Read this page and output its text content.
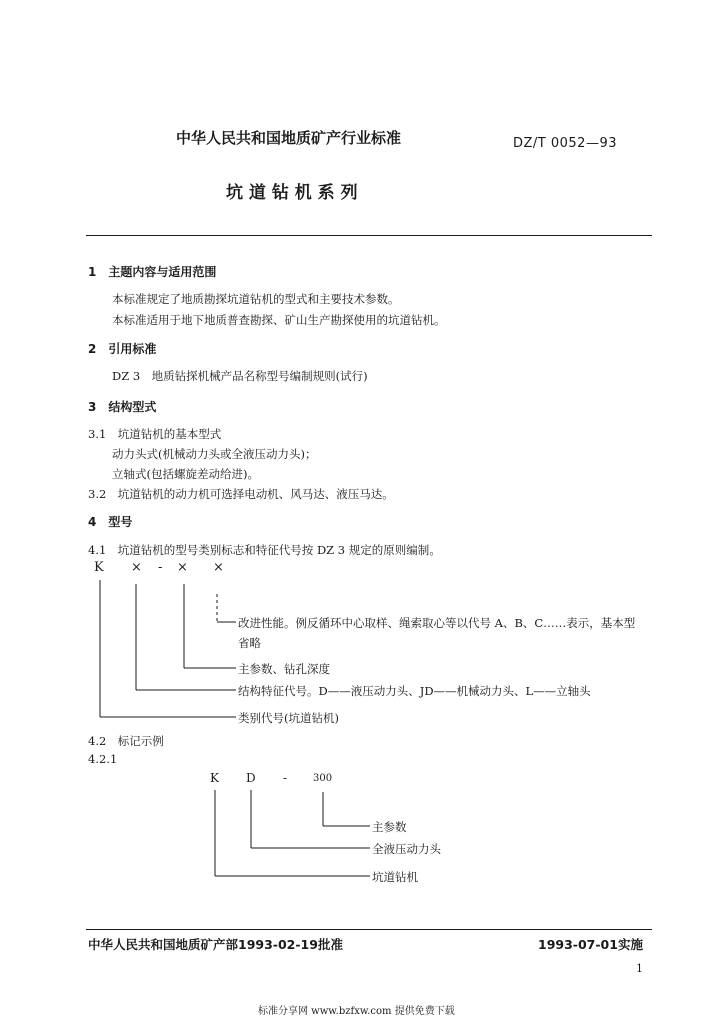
中华人民共和国地质矿产行业标准	DZ/T 0052—93
坑 道 钻 机 系 列
1　主题内容与适用范围
本标准规定了地质勘探坑道钻机的型式和主要技术参数。
本标准适用于地下地质普查勘探、矿山生产勘探使用的坑道钻机。
2　引用标准
DZ 3　地质钻探机械产品名称型号编制规则(试行)
3　结构型式
3.1　坑道钻机的基本型式
动力头式(机械动力头或全液压动力头)；
立轴式(包括螺旋差动给进)。
3.2　坑道钻机的动力机可选择电动机、风马达、液压马达。
4　型号
4.1　坑道钻机的型号类别标志和特征代号按 DZ 3 规定的原则编制。
K × - × ×
改进性能。例反循环中心取样、绳索取心等以代号 A、B、C……表示，基本型
省略
主参数、钻孔深度
结构特征代号。D——液压动力头、JD——机械动力头、L——立轴头
类别代号(坑道钻机)
4.2　标记示例
4.2.1
K D -	300
主参数
全液压动力头
坑道钻机
中华人民共和国地质矿产部1993-02-19批准	1993-07-01实施
1
标准分享网 www.bzfxw.com 提供免费下载
